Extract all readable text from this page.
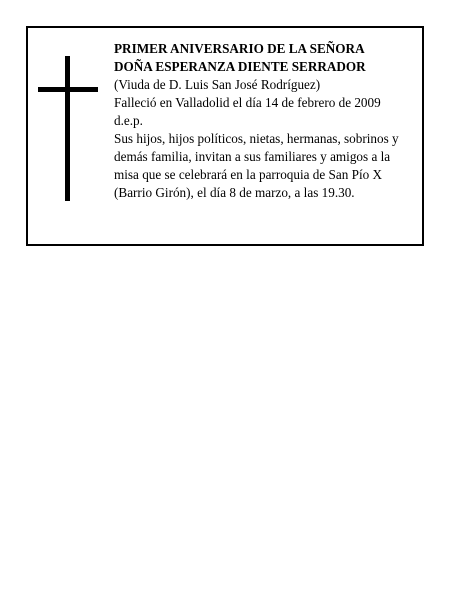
PRIMER ANIVERSARIO DE LA SEÑORA
DOÑA ESPERANZA DIENTE SERRADOR
(Viuda de D. Luis San José Rodríguez)
Falleció en Valladolid el día 14 de febrero de 2009
d.e.p.
Sus hijos, hijos políticos, nietas, hermanas, sobrinos y demás familia, invitan a sus familiares y amigos a la misa que se celebrará en la parroquia de San Pío X (Barrio Girón), el día 8 de marzo, a las 19.30.
